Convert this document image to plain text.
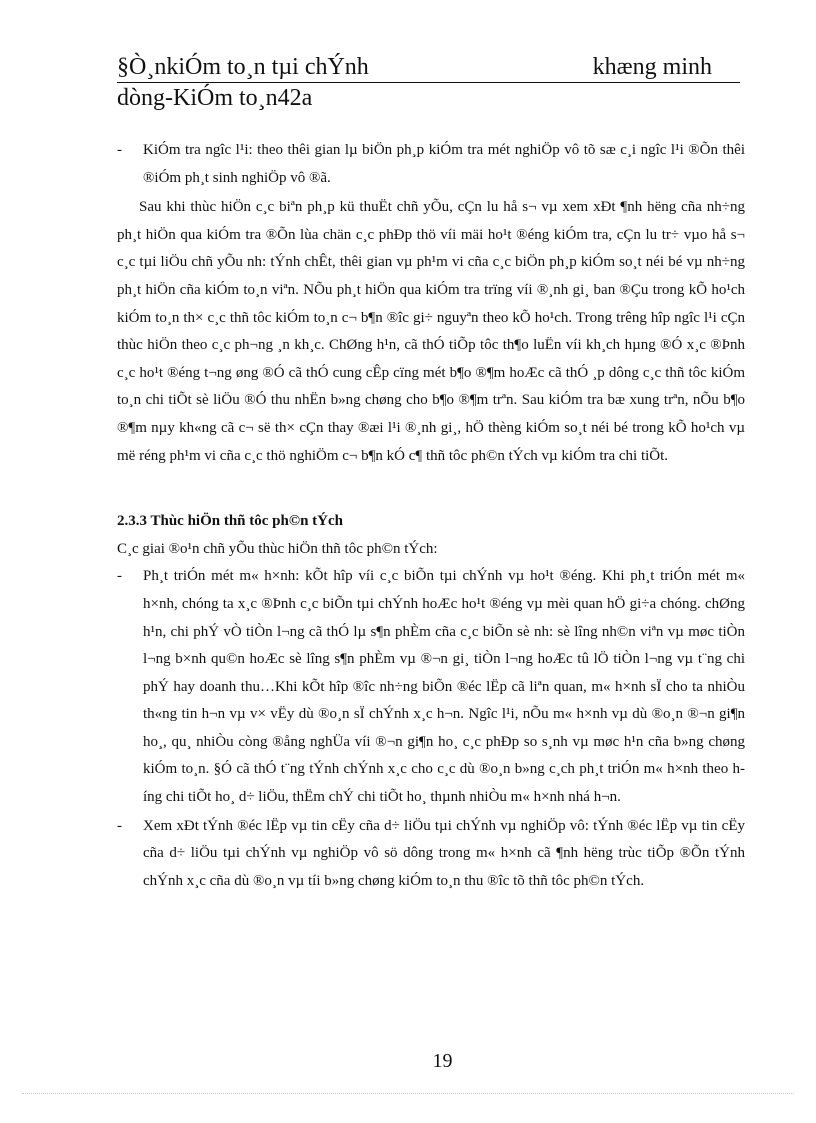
§Ò¸nkiÓm to¸n tµi chÝnh	khæng minh
dòng-KiÓm to¸n42a

- KiÓm tra ngîc l¹i: theo thêi gian lµ biÖn ph¸p kiÓm tra mét nghiÖp vô tõ sæ c¸i ngîc l¹i ®Õn thêi ®iÓm ph¸t sinh nghiÖp vô ®ã.

Sau khi thùc hiÖn c¸c biªn ph¸p kü thuËt chñ yÕu, cÇn lu hå s¬ vµ xem xÐt ¶nh hëng cña nh÷ng ph¸t hiÖn qua kiÓm tra ®Õn lùa chän c¸c phÐp thö víi mäi ho¹t ®éng kiÓm tra, cÇn lu tr÷ vµo hå s¬ c¸c tµi liÖu chñ yÕu nh: tÝnh chÊt, thêi gian vµ ph¹m vi cña c¸c biÖn ph¸p kiÓm so¸t néi bé vµ nh÷ng ph¸t hiÖn cña kiÓm to¸n viªn. NÕu ph¸t hiÖn qua kiÓm tra trïng víi ®¸nh gi¸ ban ®Çu trong kÕ ho¹ch kiÓm to¸n th× c¸c thñ tôc kiÓm to¸n c¬ b¶n ®îc gi÷ nguyªn theo kÕ ho¹ch. Trong trêng hîp ngîc l¹i cÇn thùc hiÖn theo c¸c ph¬ng ¸n kh¸c. ChØng h¹n, cã thÓ tiÕp tôc th¶o luËn víi kh¸ch hµng ®Ó x¸c ®Þnh c¸c ho¹t ®éng t¬ng øng ®Ó cã thÓ cung cÊp cïng mét b¶o ®¶m hoÆc cã thÓ ¸p dông c¸c thñ tôc kiÓm to¸n chi tiÕt sè liÖu ®Ó thu nhËn b»ng chøng cho b¶o ®¶m trªn. Sau kiÓm tra bæ xung trªn, nÕu b¶o ®¶m nµy kh«ng cã c¬ së th× cÇn thay ®æi l¹i ®¸nh gi¸, hÖ thèng kiÓm so¸t néi bé trong kÕ ho¹ch vµ më réng ph¹m vi cña c¸c thö nghiÖm c¬ b¶n kÓ c¶ thñ tôc ph©n tÝch vµ kiÓm tra chi tiÕt.

2.3.3 Thùc hiÖn thñ tôc ph©n tÝch

C¸c giai ®o¹n chñ yÕu thùc hiÖn thñ tôc ph©n tÝch:

- Ph¸t triÓn mét m« h×nh: kÕt hîp víi c¸c biÕn tµi chÝnh vµ ho¹t ®éng. Khi ph¸t triÓn mét m« h×nh, chóng ta x¸c ®Þnh c¸c biÕn tµi chÝnh hoÆc ho¹t ®éng vµ mèi quan hÖ gi÷a chóng. chØng h¹n, chi phÝ vÒ tiÒn l¬ng cã thÓ lµ s¶n phÈm cña c¸c biÕn sè nh: sè lîng nh©n viªn vµ møc tiÒn l¬ng b×nh qu©n hoÆc sè lîng s¶n phÈm vµ ®¬n gi¸ tiÒn l¬ng hoÆc tû lÖ tiÒn l¬ng vµ t¨ng chi phÝ hay doanh thu…Khi kÕt hîp ®îc nh÷ng biÕn ®éc lËp cã liªn quan, m« h×nh sÏ cho ta nhiÒu th«ng tin h¬n vµ v× vËy dù ®o¸n sÏ chÝnh x¸c h¬n. Ngîc l¹i, nÕu m« h×nh vµ dù ®o¸n ®¬n gi¶n ho¸, qu¸ nhiÒu còng ®ång nghÜa víi ®¬n gi¶n ho¸ c¸c phÐp so s¸nh vµ møc h¹n cña b»ng chøng kiÓm to¸n. §Ó cã thÓ t¨ng tÝnh chÝnh x¸c cho c¸c dù ®o¸n b»ng c¸ch ph¸t triÓn m« h×nh theo híng chi tiÕt ho¸ d÷ liÖu, thËm chÝ chi tiÕt ho¸ thµnh nhiÒu m« h×nh nhá h¬n.

- Xem xÐt tÝnh ®éc lËp vµ tin cËy cña d÷ liÖu tµi chÝnh vµ nghiÖp vô: tÝnh ®éc lËp vµ tin cËy cña d÷ liÖu tµi chÝnh vµ nghiÖp vô sö dông trong m« h×nh cã ¶nh hëng trùc tiÕp ®Õn tÝnh chÝnh x¸c cña dù ®o¸n vµ tíi b»ng chøng kiÓm to¸n thu ®îc tõ thñ tôc ph©n tÝch.

19
